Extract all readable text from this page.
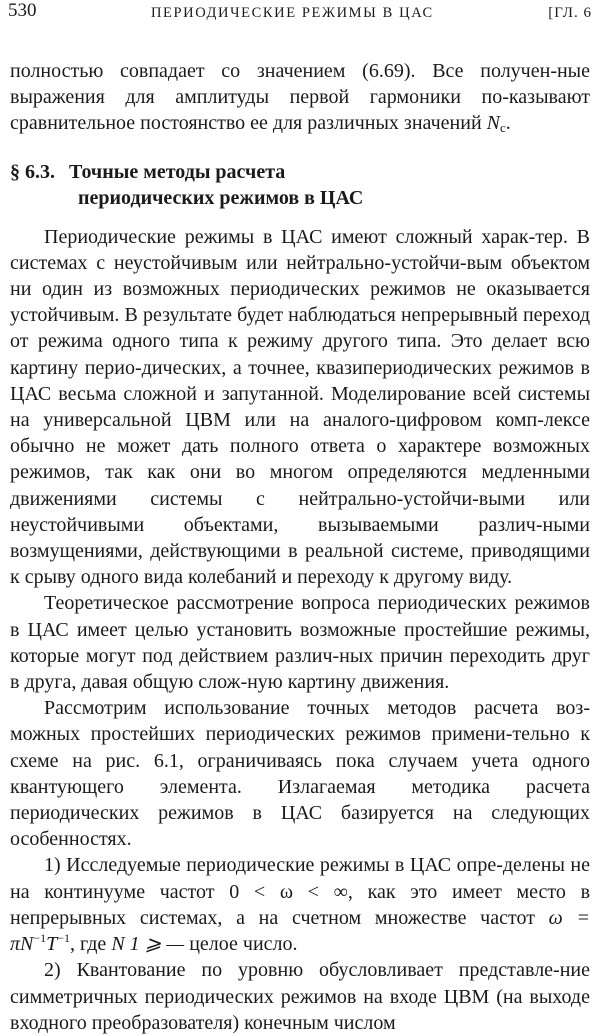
530	ПЕРИОДИЧЕСКИЕ РЕЖИМЫ В ЦАС	[ГЛ. 6

полностью совпадает со значением (6.69). Все получен-ные выражения для амплитуды первой гармоники по-казывают сравнительное постоянство ее для различных значений $N_c$.

§ 6.3. Точные методы расчета
периодических режимов в ЦАС

Периодические режимы в ЦАС имеют сложный харак-тер. В системах с неустойчивым или нейтрально-устойчи-вым объектом ни один из возможных периодических режимов не оказывается устойчивым. В результате будет наблюдаться непрерывный переход от режима одного типа к режиму другого типа. Это делает всю картину перио-дических, а точнее, квазипериодических режимов в ЦАС весьма сложной и запутанной. Моделирование всей системы на универсальной ЦВМ или на аналого-цифровом комп-лексе обычно не может дать полного ответа о характере возможных режимов, так как они во многом определяются медленными движениями системы с нейтрально-устойчи-выми или неустойчивыми объектами, вызываемыми различ-ными возмущениями, действующими в реальной системе, приводящими к срыву одного вида колебаний и переходу к другому виду.

Теоретическое рассмотрение вопроса периодических режимов в ЦАС имеет целью установить возможные простейшие режимы, которые могут под действием различ-ных причин переходить друг в друга, давая общую слож-ную картину движения.

Рассмотрим использование точных методов расчета воз-можных простейших периодических режимов примени-тельно к схеме на рис. 6.1, ограничиваясь пока случаем учета одного квантующего элемента. Излагаемая методика расчета периодических режимов в ЦАС базируется на следующих особенностях.

1) Исследуемые периодические режимы в ЦАС опре-делены не на континууме частот 0 < ω < ∞, как это имеет место в непрерывных системах, а на счетном множестве частот $\omega = \pi N^{-1}T^{-1}$, где N 1 ⩾ — целое число.

2) Квантование по уровню обусловливает представле-ние симметричных периодических режимов на входе ЦВМ (на выходе входного преобразователя) конечным числом
